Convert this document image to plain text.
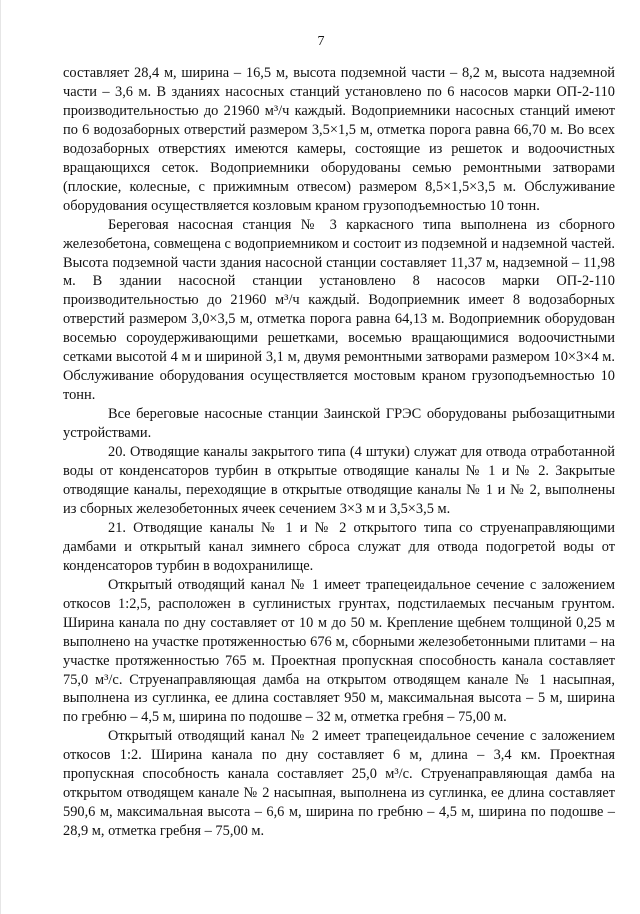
7

составляет 28,4 м, ширина – 16,5 м, высота подземной части – 8,2 м, высота надземной части – 3,6 м. В зданиях насосных станций установлено по 6 насосов марки ОП-2-110 производительностью до 21960 м³/ч каждый. Водоприемники насосных станций имеют по 6 водозаборных отверстий размером 3,5×1,5 м, отметка порога равна 66,70 м. Во всех водозаборных отверстиях имеются камеры, состоящие из решеток и водоочистных вращающихся сеток. Водоприемники оборудованы семью ремонтными затворами (плоские, колесные, с прижимным отвесом) размером 8,5×1,5×3,5 м. Обслуживание оборудования осуществляется козловым краном грузоподъемностью 10 тонн.

Береговая насосная станция № 3 каркасного типа выполнена из сборного железобетона, совмещена с водоприемником и состоит из подземной и надземной частей. Высота подземной части здания насосной станции составляет 11,37 м, надземной – 11,98 м. В здании насосной станции установлено 8 насосов марки ОП-2-110 производительностью до 21960 м³/ч каждый. Водоприемник имеет 8 водозаборных отверстий размером 3,0×3,5 м, отметка порога равна 64,13 м. Водоприемник оборудован восемью сороудерживающими решетками, восемью вращающимися водоочистными сетками высотой 4 м и шириной 3,1 м, двумя ремонтными затворами размером 10×3×4 м. Обслуживание оборудования осуществляется мостовым краном грузоподъемностью 10 тонн.

Все береговые насосные станции Заинской ГРЭС оборудованы рыбозащитными устройствами.

20. Отводящие каналы закрытого типа (4 штуки) служат для отвода отработанной воды от конденсаторов турбин в открытые отводящие каналы № 1 и № 2. Закрытые отводящие каналы, переходящие в открытые отводящие каналы № 1 и № 2, выполнены из сборных железобетонных ячеек сечением 3×3 м и 3,5×3,5 м.

21. Отводящие каналы № 1 и № 2 открытого типа со струенаправляющими дамбами и открытый канал зимнего сброса служат для отвода подогретой воды от конденсаторов турбин в водохранилище.

Открытый отводящий канал № 1 имеет трапецеидальное сечение с заложением откосов 1:2,5, расположен в суглинистых грунтах, подстилаемых песчаным грунтом. Ширина канала по дну составляет от 10 м до 50 м. Крепление щебнем толщиной 0,25 м выполнено на участке протяженностью 676 м, сборными железобетонными плитами – на участке протяженностью 765 м. Проектная пропускная способность канала составляет 75,0 м³/с. Струенаправляющая дамба на открытом отводящем канале № 1 насыпная, выполнена из суглинка, ее длина составляет 950 м, максимальная высота – 5 м, ширина по гребню – 4,5 м, ширина по подошве – 32 м, отметка гребня – 75,00 м.

Открытый отводящий канал № 2 имеет трапецеидальное сечение с заложением откосов 1:2. Ширина канала по дну составляет 6 м, длина – 3,4 км. Проектная пропускная способность канала составляет 25,0 м³/с. Струенаправляющая дамба на открытом отводящем канале № 2 насыпная, выполнена из суглинка, ее длина составляет 590,6 м, максимальная высота – 6,6 м, ширина по гребню – 4,5 м, ширина по подошве – 28,9 м, отметка гребня – 75,00 м.
